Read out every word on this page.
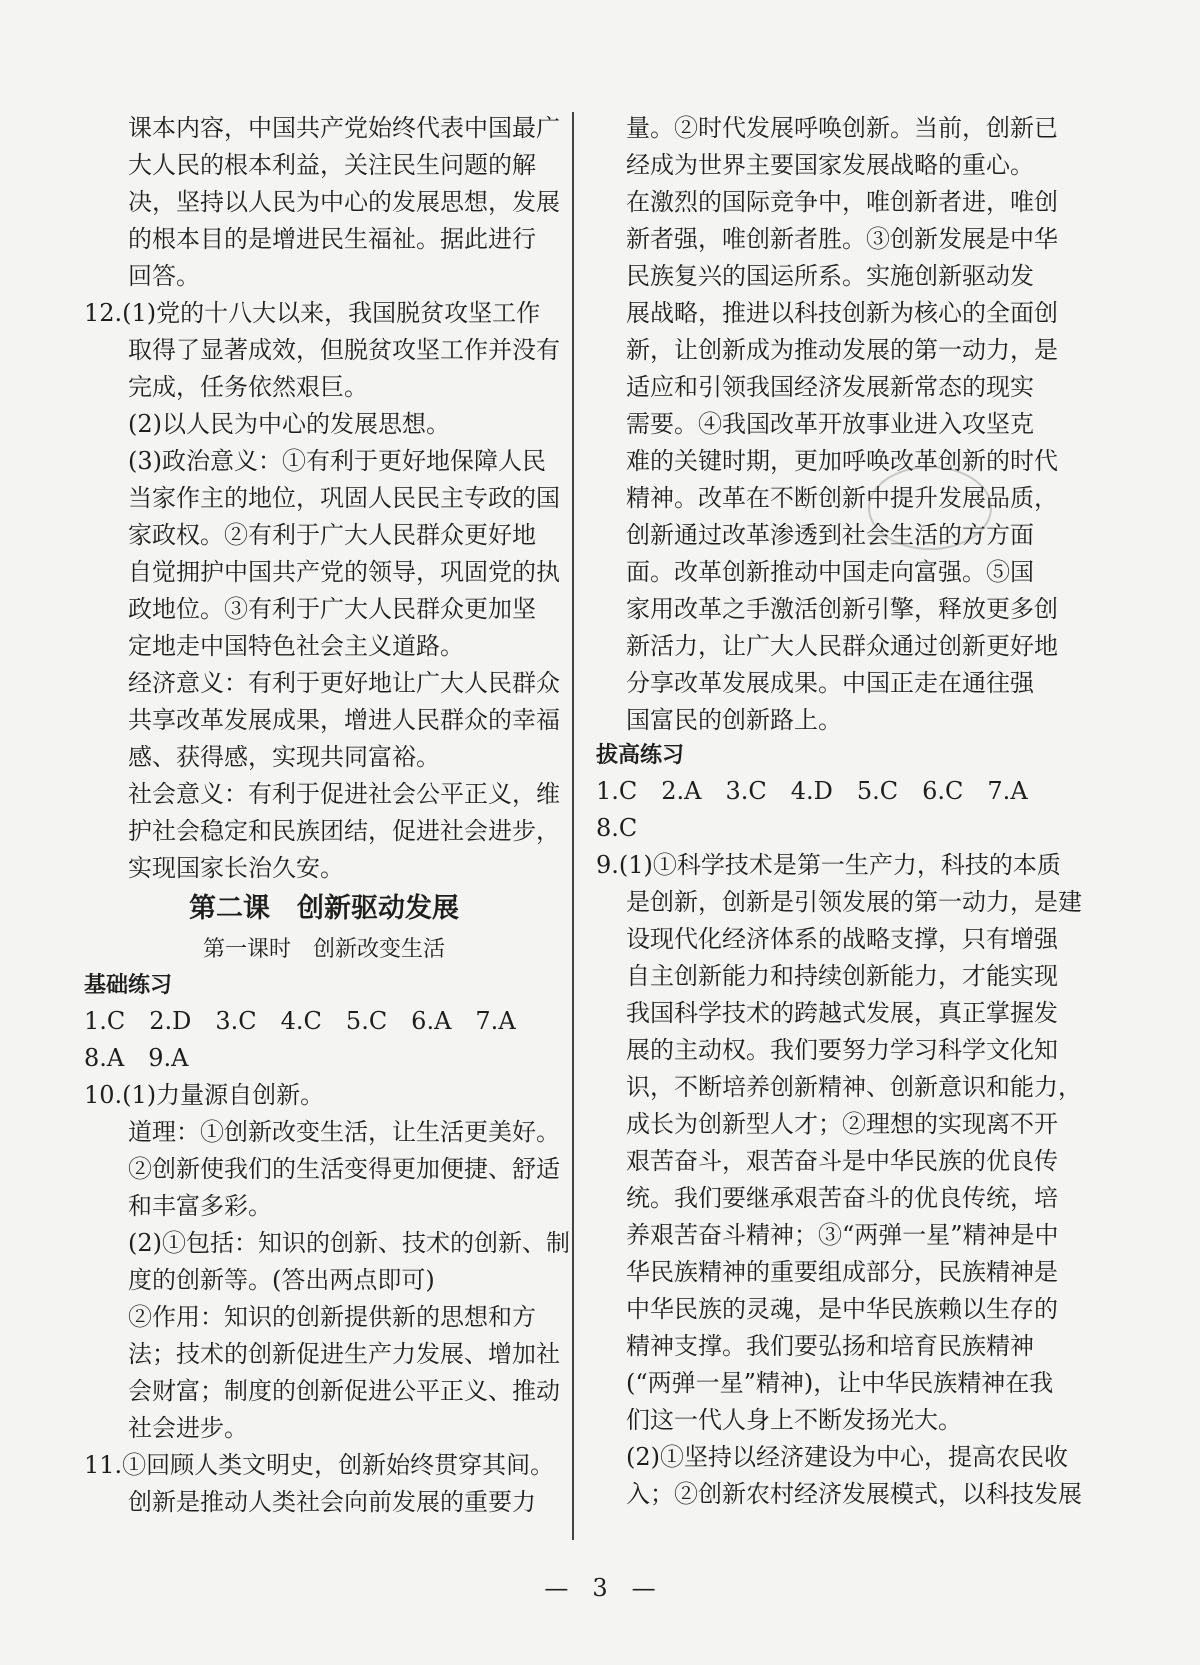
课本内容，中国共产党始终代表中国最广
大人民的根本利益，关注民生问题的解
决，坚持以人民为中心的发展思想，发展
的根本目的是增进民生福祉。据此进行
回答。
12.(1)党的十八大以来，我国脱贫攻坚工作
取得了显著成效，但脱贫攻坚工作并没有
完成，任务依然艰巨。
(2)以人民为中心的发展思想。
(3)政治意义：①有利于更好地保障人民
当家作主的地位，巩固人民民主专政的国
家政权。②有利于广大人民群众更好地
自觉拥护中国共产党的领导，巩固党的执
政地位。③有利于广大人民群众更加坚
定地走中国特色社会主义道路。
经济意义：有利于更好地让广大人民群众
共享改革发展成果，增进人民群众的幸福
感、获得感，实现共同富裕。
社会意义：有利于促进社会公平正义，维
护社会稳定和民族团结，促进社会进步，
实现国家长治久安。
第二课　创新驱动发展
第一课时　创新改变生活
基础练习
1.C　2.D　3.C　4.C　5.C　6.A　7.A
8.A　9.A
10.(1)力量源自创新。
道理：①创新改变生活，让生活更美好。
②创新使我们的生活变得更加便捷、舒适
和丰富多彩。
(2)①包括：知识的创新、技术的创新、制
度的创新等。(答出两点即可)
②作用：知识的创新提供新的思想和方
法；技术的创新促进生产力发展、增加社
会财富；制度的创新促进公平正义、推动
社会进步。
11.①回顾人类文明史，创新始终贯穿其间。
创新是推动人类社会向前发展的重要力
量。②时代发展呼唤创新。当前，创新已
经成为世界主要国家发展战略的重心。
在激烈的国际竞争中，唯创新者进，唯创
新者强，唯创新者胜。③创新发展是中华
民族复兴的国运所系。实施创新驱动发
展战略，推进以科技创新为核心的全面创
新，让创新成为推动发展的第一动力，是
适应和引领我国经济发展新常态的现实
需要。④我国改革开放事业进入攻坚克
难的关键时期，更加呼唤改革创新的时代
精神。改革在不断创新中提升发展品质，
创新通过改革渗透到社会生活的方方面
面。改革创新推动中国走向富强。⑤国
家用改革之手激活创新引擎，释放更多创
新活力，让广大人民群众通过创新更好地
分享改革发展成果。中国正走在通往强
国富民的创新路上。
拔高练习
1.C　2.A　3.C　4.D　5.C　6.C　7.A
8.C
9.(1)①科学技术是第一生产力，科技的本质
是创新，创新是引领发展的第一动力，是建
设现代化经济体系的战略支撑，只有增强
自主创新能力和持续创新能力，才能实现
我国科学技术的跨越式发展，真正掌握发
展的主动权。我们要努力学习科学文化知
识，不断培养创新精神、创新意识和能力，
成长为创新型人才；②理想的实现离不开
艰苦奋斗，艰苦奋斗是中华民族的优良传
统。我们要继承艰苦奋斗的优良传统，培
养艰苦奋斗精神；③“两弹一星”精神是中
华民族精神的重要组成部分，民族精神是
中华民族的灵魂，是中华民族赖以生存的
精神支撑。我们要弘扬和培育民族精神
(“两弹一星”精神)，让中华民族精神在我
们这一代人身上不断发扬光大。
(2)①坚持以经济建设为中心，提高农民收
入；②创新农村经济发展模式，以科技发展
—　3　—
